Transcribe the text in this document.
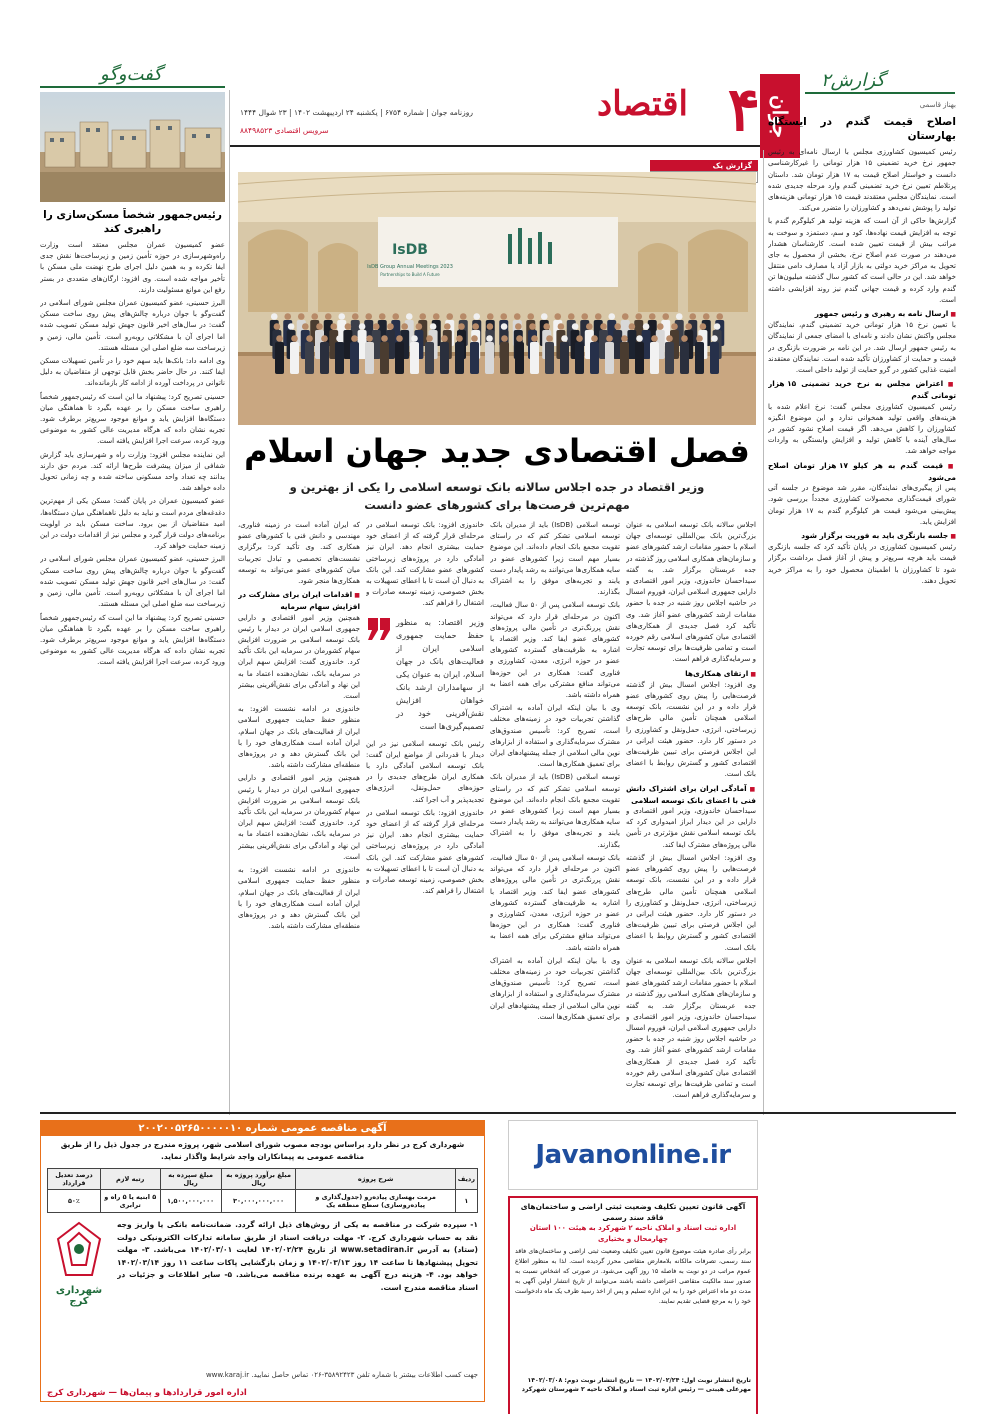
۴
اقتصاد
روزنامه جوان | شماره ۶۷۵۴ | یکشنبه ۲۴ اردیبهشت ۱۴۰۲ | ۲۳ شوال ۱۴۴۴
سرویس اقتصادی ۸۸۴۹۸۵۲۳	جوان
گفت‌وگو	گزارش۲
بهناز قاسمی
اصلاح قیمت گندم در ایستگاه بهارستان

رئیس کمیسیون کشاورزی مجلس با ارسال نامه‌ای به رئیس جمهور نرخ خرید تضمینی ۱۵ هزار تومانی را غیرکارشناسی دانست و خواستار اصلاح قیمت به ۱۷ هزار تومان شد. داستان پرتلاطم تعیین نرخ خرید تضمینی گندم وارد مرحله جدیدی شده است. نمایندگان مجلس معتقدند قیمت ۱۵ هزار تومانی هزینه‌های تولید را پوشش نمی‌دهد و کشاورزان را متضرر می‌کند.

گزارش‌ها حاکی از آن است که هزینه تولید هر کیلوگرم گندم با توجه به افزایش قیمت نهاده‌ها، کود و سم، دستمزد و سوخت به مراتب بیش از قیمت تعیین شده است. کارشناسان هشدار می‌دهند در صورت عدم اصلاح نرخ، بخشی از محصول به جای تحویل به مراکز خرید دولتی به بازار آزاد یا مصارف دامی منتقل خواهد شد. این در حالی است که کشور سال گذشته میلیون‌ها تن گندم وارد کرده و قیمت جهانی گندم نیز روند افزایشی داشته است.

■ ارسال نامه به رهبری و رئیس جمهور

با تعیین نرخ ۱۵ هزار تومانی خرید تضمینی گندم، نمایندگان مجلس واکنش نشان دادند و نامه‌ای با امضای جمعی از نمایندگان به رئیس جمهور ارسال شد. در این نامه بر ضرورت بازنگری در قیمت و حمایت از کشاورزان تأکید شده است. نمایندگان معتقدند امنیت غذایی کشور در گرو حمایت از تولید داخلی است.

■ اعتراض مجلس به نرخ خرید تضمینی ۱۵ هزار تومانی گندم

رئیس کمیسیون کشاورزی مجلس گفت: نرخ اعلام شده با هزینه‌های واقعی تولید همخوانی ندارد و این موضوع انگیزه کشاورزان را کاهش می‌دهد. اگر قیمت اصلاح نشود کشور در سال‌های آینده با کاهش تولید و افزایش وابستگی به واردات مواجه خواهد شد.

■ قیمت گندم به هر کیلو ۱۷ هزار تومان اصلاح می‌شود

پس از پیگیری‌های نمایندگان، مقرر شد موضوع در جلسه آتی شورای قیمت‌گذاری محصولات کشاورزی مجدداً بررسی شود. پیش‌بینی می‌شود قیمت هر کیلوگرم گندم به ۱۷ هزار تومان افزایش یابد.

■ جلسه بازنگری باید به فوریت برگزار شود

رئیس کمیسیون کشاورزی در پایان تأکید کرد که جلسه بازنگری قیمت باید هرچه سریع‌تر و پیش از آغاز فصل برداشت برگزار شود تا کشاورزان با اطمینان محصول خود را به مراکز خرید تحویل دهند.

رئیس‌جمهور شخصاً مسکن‌سازی را راهبری کند

عضو کمیسیون عمران مجلس معتقد است وزارت راه‌وشهرسازی در حوزه تأمین زمین و زیرساخت‌ها نقش جدی ایفا نکرده و به همین دلیل اجرای طرح نهضت ملی مسکن با تأخیر مواجه شده است. وی افزود: ارگان‌های متعددی در بستر رفع این موانع مسئولیت دارند.

البرز حسینی، عضو کمیسیون عمران مجلس شورای اسلامی در گفت‌وگو با جوان درباره چالش‌های پیش روی ساخت مسکن گفت: در سال‌های اخیر قانون جهش تولید مسکن تصویب شده اما اجرای آن با مشکلاتی روبه‌رو است. تأمین مالی، زمین و زیرساخت سه ضلع اصلی این مسئله هستند.

وی ادامه داد: بانک‌ها باید سهم خود را در تأمین تسهیلات مسکن ایفا کنند. در حال حاضر بخش قابل توجهی از متقاضیان به دلیل ناتوانی در پرداخت آورده از ادامه کار بازمانده‌اند.

حسینی تصریح کرد: پیشنهاد ما این است که رئیس‌جمهور شخصاً راهبری ساخت مسکن را بر عهده بگیرد تا هماهنگی میان دستگاه‌ها افزایش یابد و موانع موجود سریع‌تر برطرف شود. تجربه نشان داده که هرگاه مدیریت عالی کشور به موضوعی ورود کرده، سرعت اجرا افزایش یافته است.

این نماینده مجلس افزود: وزارت راه و شهرسازی باید گزارش شفافی از میزان پیشرفت طرح‌ها ارائه کند. مردم حق دارند بدانند چه تعداد واحد مسکونی ساخته شده و چه زمانی تحویل داده خواهد شد.

عضو کمیسیون عمران در پایان گفت: مسکن یکی از مهم‌ترین دغدغه‌های مردم است و نباید به دلیل ناهماهنگی میان دستگاه‌ها، امید متقاضیان از بین برود. ساخت مسکن باید در اولویت برنامه‌های دولت قرار گیرد و مجلس نیز از اقدامات دولت در این زمینه حمایت خواهد کرد.

البرز حسینی، عضو کمیسیون عمران مجلس شورای اسلامی در گفت‌وگو با جوان درباره چالش‌های پیش روی ساخت مسکن گفت: در سال‌های اخیر قانون جهش تولید مسکن تصویب شده اما اجرای آن با مشکلاتی روبه‌رو است. تأمین مالی، زمین و زیرساخت سه ضلع اصلی این مسئله هستند.

حسینی تصریح کرد: پیشنهاد ما این است که رئیس‌جمهور شخصاً راهبری ساخت مسکن را بر عهده بگیرد تا هماهنگی میان دستگاه‌ها افزایش یابد و موانع موجود سریع‌تر برطرف شود. تجربه نشان داده که هرگاه مدیریت عالی کشور به موضوعی ورود کرده، سرعت اجرا افزایش یافته است.

گزارش یک
IsDB
2023 IsDB Group Annual Meetings
Partnerships to Build A Future
فصل اقتصادی جدید جهان اسلام
وزیر اقتصاد در جده اجلاس سالانه بانک توسعه اسلامی را یکی از بهترین و مهم‌ترین فرصت‌ها برای کشورهای عضو دانست

اجلاس سالانه بانک توسعه اسلامی به عنوان بزرگ‌ترین بانک بین‌المللی توسعه‌ای جهان اسلام با حضور مقامات ارشد کشورهای عضو و سازمان‌های همکاری اسلامی روز گذشته در جده عربستان برگزار شد. به گفته سیداحسان خاندوزی، وزیر امور اقتصادی و دارایی جمهوری اسلامی ایران، فوروم امسال در حاشیه اجلاس روز شنبه در جده با حضور مقامات ارشد کشورهای عضو آغاز شد. وی تأکید کرد فصل جدیدی از همکاری‌های اقتصادی میان کشورهای اسلامی رقم خورده است و تمامی ظرفیت‌ها برای توسعه تجارت و سرمایه‌گذاری فراهم است.

■ ارتقای همکاری‌ها

وی افزود: اجلاس امسال بیش از گذشته فرصت‌هایی را پیش روی کشورهای عضو قرار داده و در این نشست، بانک توسعه اسلامی همچنان تأمین مالی طرح‌های زیرساختی، انرژی، حمل‌ونقل و کشاورزی را در دستور کار دارد. حضور هیئت ایرانی در این اجلاس فرصتی برای تبیین ظرفیت‌های اقتصادی کشور و گسترش روابط با اعضای بانک است.

■ آمادگی ایران برای اشتراک دانش فنی با اعضای بانک توسعه اسلامی

سیداحسان خاندوزی، وزیر امور اقتصادی و دارایی در این دیدار ابراز امیدواری کرد که بانک توسعه اسلامی نقش مؤثرتری در تأمین مالی پروژه‌های مشترک ایفا کند.

وی افزود: اجلاس امسال بیش از گذشته فرصت‌هایی را پیش روی کشورهای عضو قرار داده و در این نشست، بانک توسعه اسلامی همچنان تأمین مالی طرح‌های زیرساختی، انرژی، حمل‌ونقل و کشاورزی را در دستور کار دارد. حضور هیئت ایرانی در این اجلاس فرصتی برای تبیین ظرفیت‌های اقتصادی کشور و گسترش روابط با اعضای بانک است.

اجلاس سالانه بانک توسعه اسلامی به عنوان بزرگ‌ترین بانک بین‌المللی توسعه‌ای جهان اسلام با حضور مقامات ارشد کشورهای عضو و سازمان‌های همکاری اسلامی روز گذشته در جده عربستان برگزار شد. به گفته سیداحسان خاندوزی، وزیر امور اقتصادی و دارایی جمهوری اسلامی ایران، فوروم امسال در حاشیه اجلاس روز شنبه در جده با حضور مقامات ارشد کشورهای عضو آغاز شد. وی تأکید کرد فصل جدیدی از همکاری‌های اقتصادی میان کشورهای اسلامی رقم خورده است و تمامی ظرفیت‌ها برای توسعه تجارت و سرمایه‌گذاری فراهم است.

توسعه اسلامی (IsDB) باید از مدیران بانک توسعه اسلامی تشکر کنم که در راستای تقویت مجمع بانک انجام داده‌اند. این موضوع بسیار مهم است زیرا کشورهای عضو در سایه همکاری‌ها می‌توانند به رشد پایدار دست یابند و تجربه‌های موفق را به اشتراک بگذارند.

بانک توسعه اسلامی پس از ۵۰ سال فعالیت، اکنون در مرحله‌ای قرار دارد که می‌تواند نقش پررنگ‌تری در تأمین مالی پروژه‌های کشورهای عضو ایفا کند. وزیر اقتصاد با اشاره به ظرفیت‌های گسترده کشورهای عضو در حوزه انرژی، معدن، کشاورزی و فناوری گفت: همکاری در این حوزه‌ها می‌تواند منافع مشترکی برای همه اعضا به همراه داشته باشد.

وی با بیان اینکه ایران آماده به اشتراک گذاشتن تجربیات خود در زمینه‌های مختلف است، تصریح کرد: تأسیس صندوق‌های مشترک سرمایه‌گذاری و استفاده از ابزارهای نوین مالی اسلامی از جمله پیشنهادهای ایران برای تعمیق همکاری‌ها است.

توسعه اسلامی (IsDB) باید از مدیران بانک توسعه اسلامی تشکر کنم که در راستای تقویت مجمع بانک انجام داده‌اند. این موضوع بسیار مهم است زیرا کشورهای عضو در سایه همکاری‌ها می‌توانند به رشد پایدار دست یابند و تجربه‌های موفق را به اشتراک بگذارند.

بانک توسعه اسلامی پس از ۵۰ سال فعالیت، اکنون در مرحله‌ای قرار دارد که می‌تواند نقش پررنگ‌تری در تأمین مالی پروژه‌های کشورهای عضو ایفا کند. وزیر اقتصاد با اشاره به ظرفیت‌های گسترده کشورهای عضو در حوزه انرژی، معدن، کشاورزی و فناوری گفت: همکاری در این حوزه‌ها می‌تواند منافع مشترکی برای همه اعضا به همراه داشته باشد.

وی با بیان اینکه ایران آماده به اشتراک گذاشتن تجربیات خود در زمینه‌های مختلف است، تصریح کرد: تأسیس صندوق‌های مشترک سرمایه‌گذاری و استفاده از ابزارهای نوین مالی اسلامی از جمله پیشنهادهای ایران برای تعمیق همکاری‌ها است.

خاندوزی افزود: بانک توسعه اسلامی در مرحله‌ای قرار گرفته که از اعضای خود حمایت بیشتری انجام دهد. ایران نیز آمادگی دارد در پروژه‌های زیرساختی کشورهای عضو مشارکت کند. این بانک به دنبال آن است تا با اعطای تسهیلات به بخش خصوصی، زمینه توسعه صادرات و اشتغال را فراهم کند.

وزیر اقتصاد: به منظور حفظ حمایت جمهوری اسلامی ایران از فعالیت‌های بانک در جهان اسلام، ایران به عنوان یکی از سهامداران ارشد بانک خواهان افزایش نقش‌آفرینی خود در تصمیم‌گیری‌ها است

رئیس بانک توسعه اسلامی نیز در این دیدار با قدردانی از مواضع ایران گفت: بانک توسعه اسلامی آمادگی دارد با همکاری ایران طرح‌های جدیدی را در حوزه‌های حمل‌ونقل، انرژی‌های تجدیدپذیر و آب اجرا کند.

خاندوزی افزود: بانک توسعه اسلامی در مرحله‌ای قرار گرفته که از اعضای خود حمایت بیشتری انجام دهد. ایران نیز آمادگی دارد در پروژه‌های زیرساختی کشورهای عضو مشارکت کند. این بانک به دنبال آن است تا با اعطای تسهیلات به بخش خصوصی، زمینه توسعه صادرات و اشتغال را فراهم کند.

که ایران آماده است در زمینه فناوری، مهندسی و دانش فنی با کشورهای عضو همکاری کند. وی تأکید کرد: برگزاری نشست‌های تخصصی و تبادل تجربیات میان کشورهای عضو می‌تواند به توسعه همکاری‌ها منجر شود.

■ اقدامات ایران برای مشارکت در افزایش سهام سرمایه

همچنین وزیر امور اقتصادی و دارایی جمهوری اسلامی ایران در دیدار با رئیس بانک توسعه اسلامی بر ضرورت افزایش سهام کشورمان در سرمایه این بانک تأکید کرد. خاندوزی گفت: افزایش سهم ایران در سرمایه بانک، نشان‌دهنده اعتماد ما به این نهاد و آمادگی برای نقش‌آفرینی بیشتر است.

خاندوزی در ادامه نشست افزود: به منظور حفظ حمایت جمهوری اسلامی ایران از فعالیت‌های بانک در جهان اسلام، ایران آماده است همکاری‌های خود را با این بانک گسترش دهد و در پروژه‌های منطقه‌ای مشارکت داشته باشد.

همچنین وزیر امور اقتصادی و دارایی جمهوری اسلامی ایران در دیدار با رئیس بانک توسعه اسلامی بر ضرورت افزایش سهام کشورمان در سرمایه این بانک تأکید کرد. خاندوزی گفت: افزایش سهم ایران در سرمایه بانک، نشان‌دهنده اعتماد ما به این نهاد و آمادگی برای نقش‌آفرینی بیشتر است.

خاندوزی در ادامه نشست افزود: به منظور حفظ حمایت جمهوری اسلامی ایران از فعالیت‌های بانک در جهان اسلام، ایران آماده است همکاری‌های خود را با این بانک گسترش دهد و در پروژه‌های منطقه‌ای مشارکت داشته باشد.

آگهی مناقصه عمومی شماره ۲۰۰۲۰۰۵۲۶۵۰۰۰۰۰۱۰
شهرداری کرج در نظر دارد براساس بودجه مصوب شورای اسلامی شهر، پروژه مندرج در جدول ذیل را از طریق مناقصه عمومی به پیمانکاران واجد شرایط واگذار نماید.
ردیف	شرح پروژه	مبلغ برآورد پروژه به ریال	مبلغ سپرده به ریال	رتبه لازم	درصد تعدیل قرارداد
۱	مرمت بهسازی پیاده‌رو (جدول‌گذاری و پیاده‌روسازی) سطح منطقه یک	۳۰,۰۰۰,۰۰۰,۰۰۰	۱,۵۰۰,۰۰۰,۰۰۰	۵ ابنیه یا ۵ راه و ترابری	۵۰٪
۱- سپرده شرکت در مناقصه به یکی از روش‌های ذیل ارائه گردد. ضمانت‌نامه بانکی یا واریز وجه نقد به حساب شهرداری کرج. ۲- مهلت دریافت اسناد از طریق سامانه تدارکات الکترونیکی دولت (ستاد) به آدرس www.setadiran.ir از تاریخ ۱۴۰۲/۰۲/۲۴ لغایت ۱۴۰۲/۰۳/۰۱ می‌باشد. ۳- مهلت تحویل پیشنهادها تا ساعت ۱۴ روز ۱۴۰۲/۰۳/۱۳ و زمان بازگشایی پاکات ساعت ۱۱ روز ۱۴۰۲/۰۳/۱۴ خواهد بود. ۴- هزینه درج آگهی به عهده برنده مناقصه می‌باشد. ۵- سایر اطلاعات و جزئیات در اسناد مناقصه مندرج است.
شهرداری کرج
جهت کسب اطلاعات بیشتر با شماره تلفن ۳۵۸۹۲۴۲۳-۰۲۶ تماس حاصل نمایید. www.karaj.ir
اداره امور قراردادها و پیمان‌ها — شهرداری کرج
Javanonline.ir
آگهی قانون تعیین تکلیف وضعیت ثبتی اراضی و ساختمان‌های فاقد سند رسمی
اداره ثبت اسناد و املاک ناحیه ۲ شهرکرد به هیئت ۱۰۰ استان چهارمحال و بختیاری
برابر رأی صادره هیئت موضوع قانون تعیین تکلیف وضعیت ثبتی اراضی و ساختمان‌های فاقد سند رسمی، تصرفات مالکانه بلامعارض متقاضی محرز گردیده است. لذا به منظور اطلاع عموم مراتب در دو نوبت به فاصله ۱۵ روز آگهی می‌شود. در صورتی که اشخاص نسبت به صدور سند مالکیت متقاضی اعتراضی داشته باشند می‌توانند از تاریخ انتشار اولین آگهی به مدت دو ماه اعتراض خود را به این اداره تسلیم و پس از اخذ رسید ظرف یک ماه دادخواست خود را به مرجع قضایی تقدیم نمایند.
تاریخ انتشار نوبت اول: ۱۴۰۲/۰۲/۲۴ — تاریخ انتشار نوبت دوم: ۱۴۰۲/۰۳/۰۸
مهرعلی هیبتی — رئیس اداره ثبت اسناد و املاک ناحیه ۲ شهرستان شهرکرد
